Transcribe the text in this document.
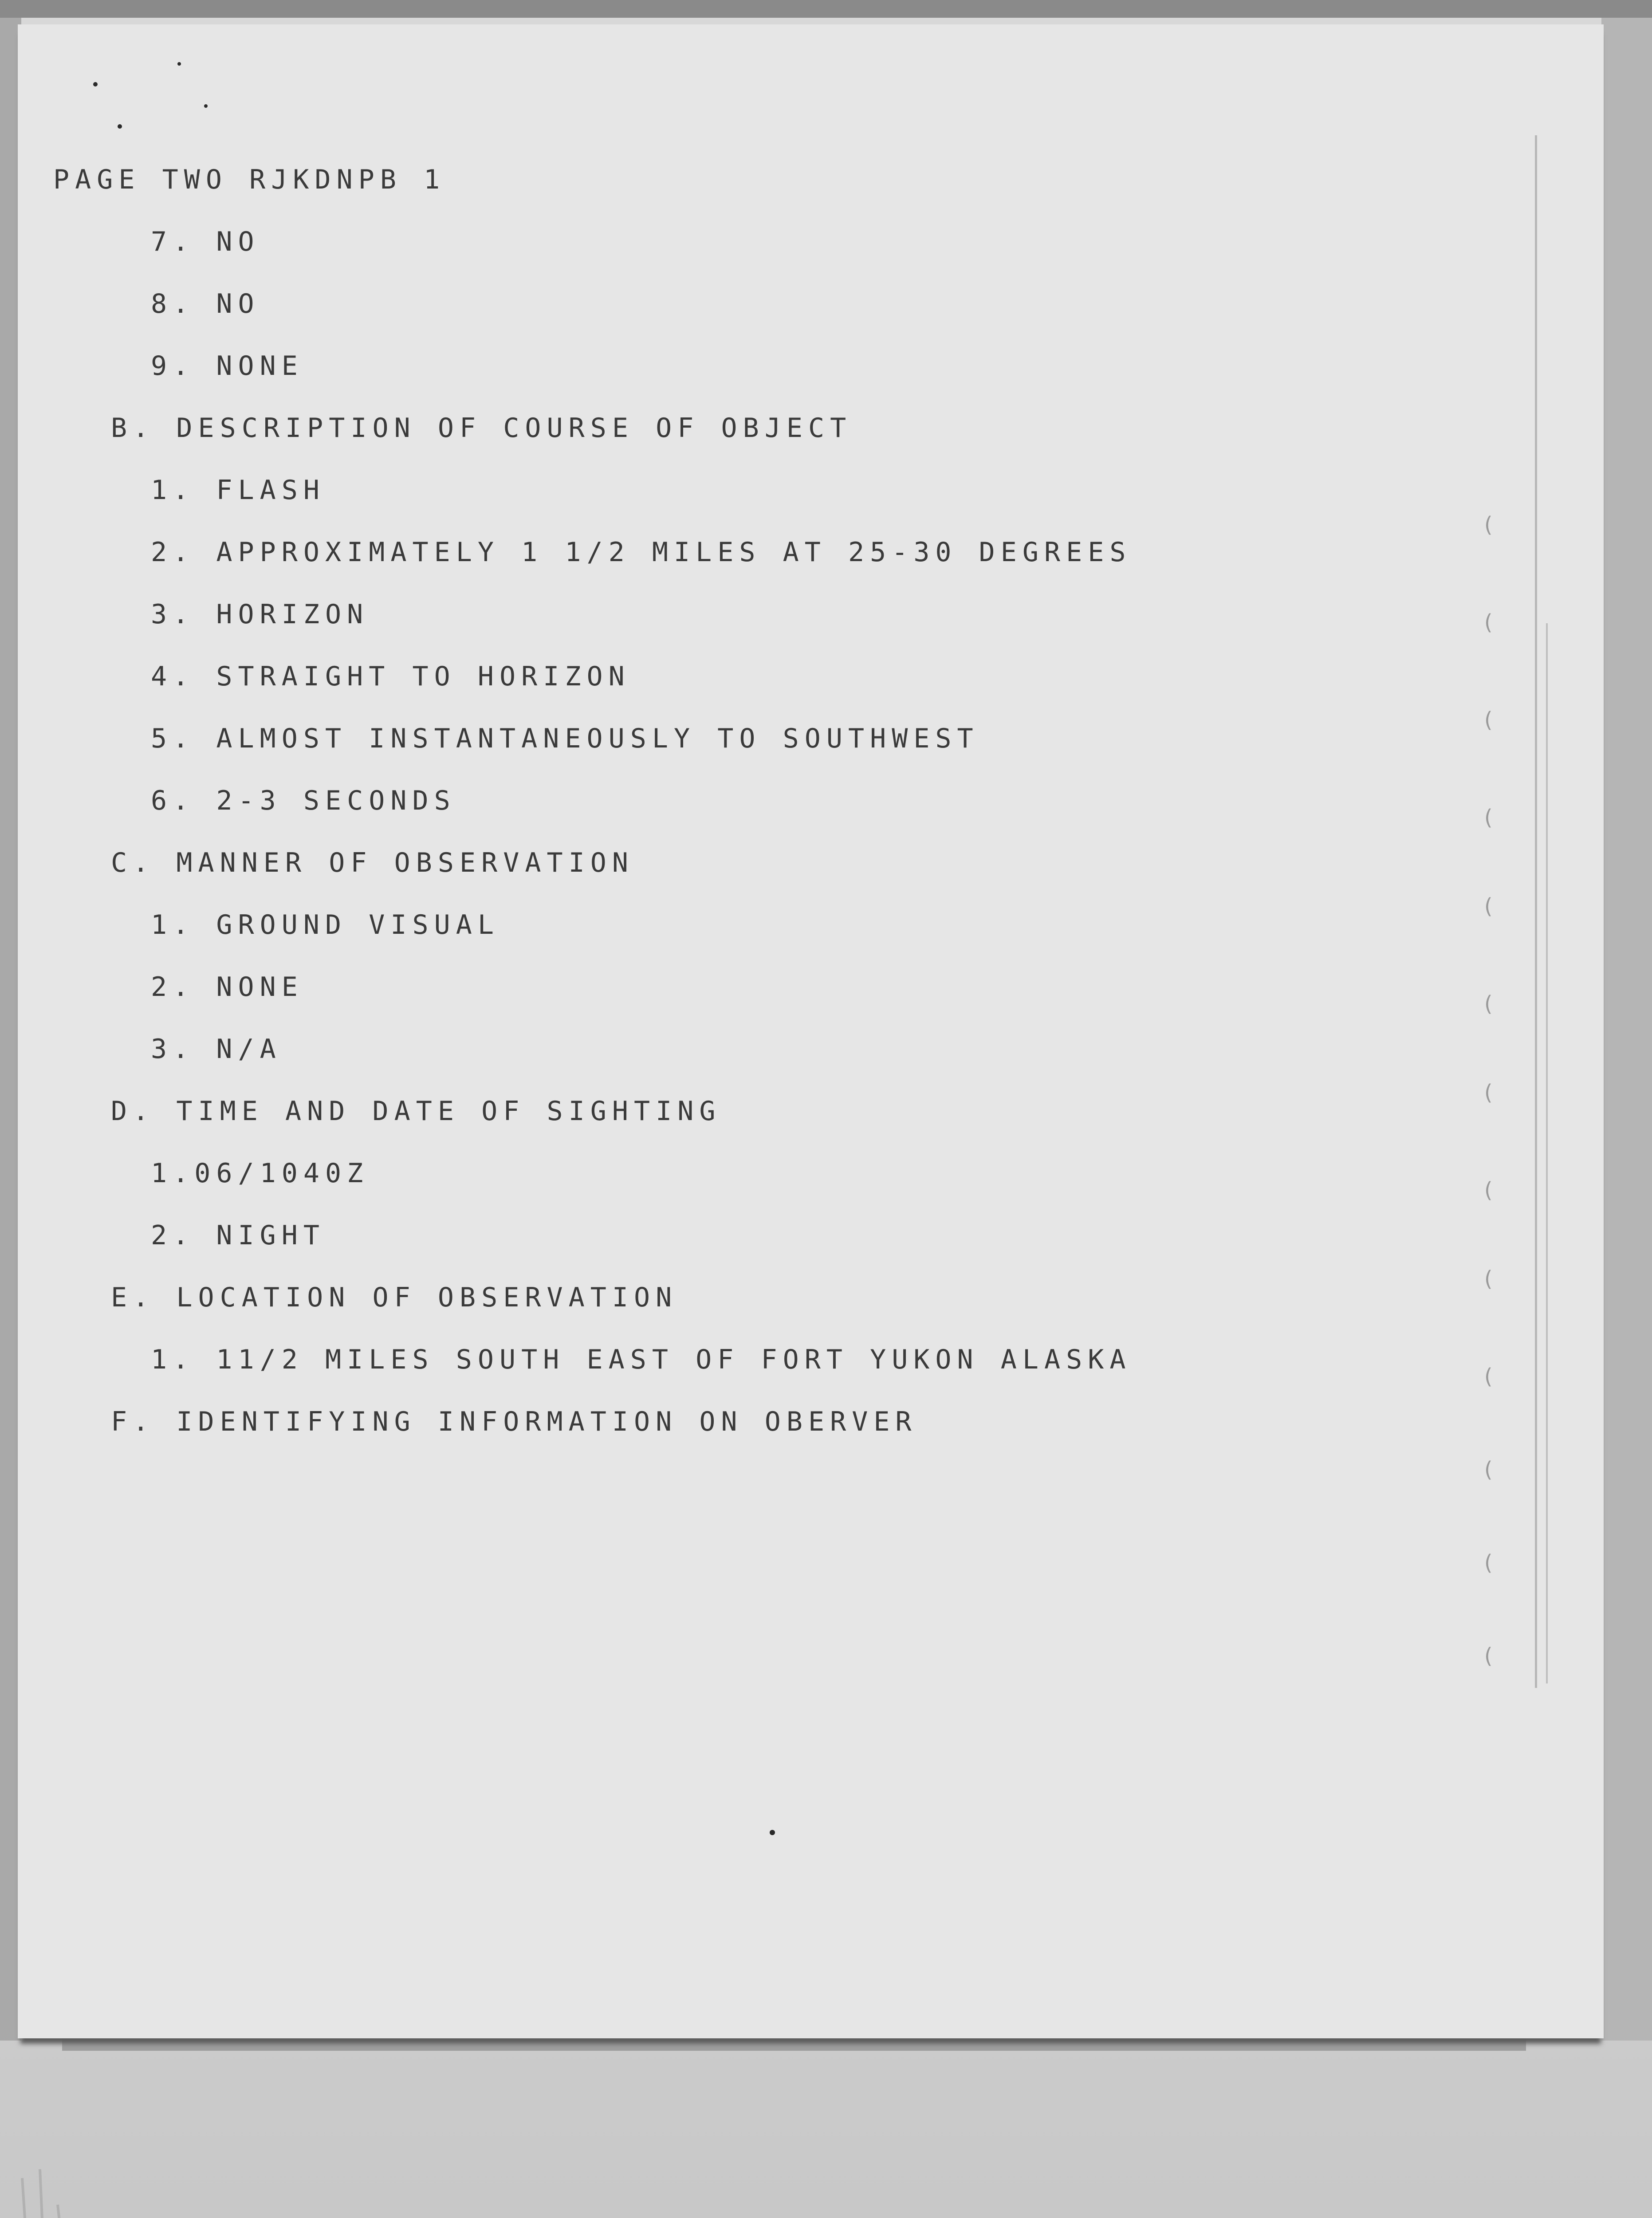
(
(
(
(
(
(
(
(
(
(
(
(
(
PAGE TWO RJKDNPB 1
7. NO
8. NO
9. NONE
B. DESCRIPTION OF COURSE OF OBJECT
1. FLASH
2. APPROXIMATELY 1 1/2 MILES AT 25-30 DEGREES
3. HORIZON
4. STRAIGHT TO HORIZON
5. ALMOST INSTANTANEOUSLY TO SOUTHWEST
6. 2-3 SECONDS
C. MANNER OF OBSERVATION
1. GROUND VISUAL
2. NONE
3. N/A
D. TIME AND DATE OF SIGHTING
1.06/1040Z
2. NIGHT
E. LOCATION OF OBSERVATION
1. 11/2 MILES SOUTH EAST OF FORT YUKON ALASKA
F. IDENTIFYING INFORMATION ON OBERVER
